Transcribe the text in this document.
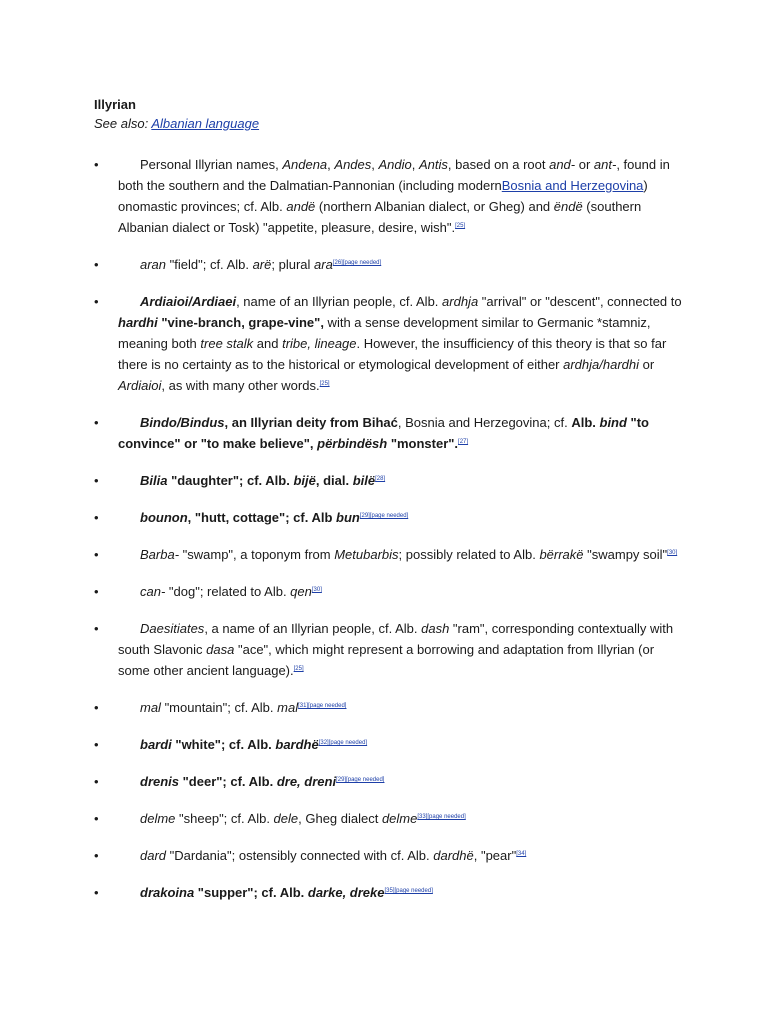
Illyrian

See also: Albanian language

•	Personal Illyrian names, Andena, Andes, Andio, Antis, based on a root and- or ant-, found in both the southern and the Dalmatian-Pannonian (including modernBosnia and Herzegovina) onomastic provinces; cf. Alb. andë (northern Albanian dialect, or Gheg) and ëndë (southern Albanian dialect or Tosk) "appetite, pleasure, desire, wish".[25]
•	aran "field"; cf. Alb. arë; plural ara[26][page needed]
•	Ardiaioi/Ardiaei, name of an Illyrian people, cf. Alb. ardhja "arrival" or "descent", connected to hardhi "vine-branch, grape-vine", with a sense development similar to Germanic *stamniz, meaning both tree stalk and tribe, lineage. However, the insufficiency of this theory is that so far there is no certainty as to the historical or etymological development of either ardhja/hardhi or Ardiaioi, as with many other words.[25]
•	Bindo/Bindus, an Illyrian deity from Bihać, Bosnia and Herzegovina; cf. Alb. bind "to convince" or "to make believe", përbindësh "monster".[27]
•	Bilia "daughter"; cf. Alb. bijë, dial. bilë[28]
•	bounon, "hutt, cottage"; cf. Alb bun[29][page needed]
•	Barba- "swamp", a toponym from Metubarbis; possibly related to Alb. bërrakë "swampy soil"[30]
•	can- "dog"; related to Alb. qen[30]
•	Daesitiates, a name of an Illyrian people, cf. Alb. dash "ram", corresponding contextually with south Slavonic dasa "ace", which might represent a borrowing and adaptation from Illyrian (or some other ancient language).[25]
•	mal "mountain"; cf. Alb. mal[31][page needed]
•	bardi "white"; cf. Alb. bardhë[32][page needed]
•	drenis "deer"; cf. Alb. dre, dreni[29][page needed]
•	delme "sheep"; cf. Alb. dele, Gheg dialect delme[33][page needed]
•	dard "Dardania"; ostensibly connected with cf. Alb. dardhë, "pear"[34]
•	drakoina "supper"; cf. Alb. darke, dreke[35][page needed]
